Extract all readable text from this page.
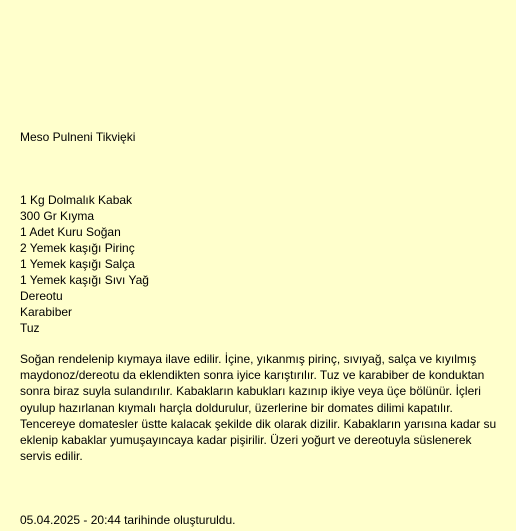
Meso Pulneni Tikvięki
1 Kg Dolmalık Kabak
300 Gr Kıyma
1 Adet Kuru Soğan
2 Yemek kaşığı Pirinç
1 Yemek kaşığı Salça
1 Yemek kaşığı Sıvı Yağ
Dereotu
Karabiber
Tuz

Soğan rendelenip kıymaya ilave edilir. İçine, yıkanmış pirinç, sıvıyağ, salça ve kıyılmış maydonoz/dereotu da eklendikten sonra iyice karıştırılır. Tuz ve karabiber de konduktan sonra biraz suyla sulandırılır. Kabakların kabukları kazınıp ikiye veya üçe bölünür. İçleri oyulup hazırlanan kıymalı harçla doldurulur, üzerlerine bir domates dilimi kapatılır. Tencereye domatesler üstte kalacak şekilde dik olarak dizilir. Kabakların yarısına kadar su eklenip kabaklar yumuşayıncaya kadar pişirilir. Üzeri yoğurt ve dereotuyla süslenerek servis edilir.

05.04.2025 - 20:44 tarihinde oluşturuldu.
